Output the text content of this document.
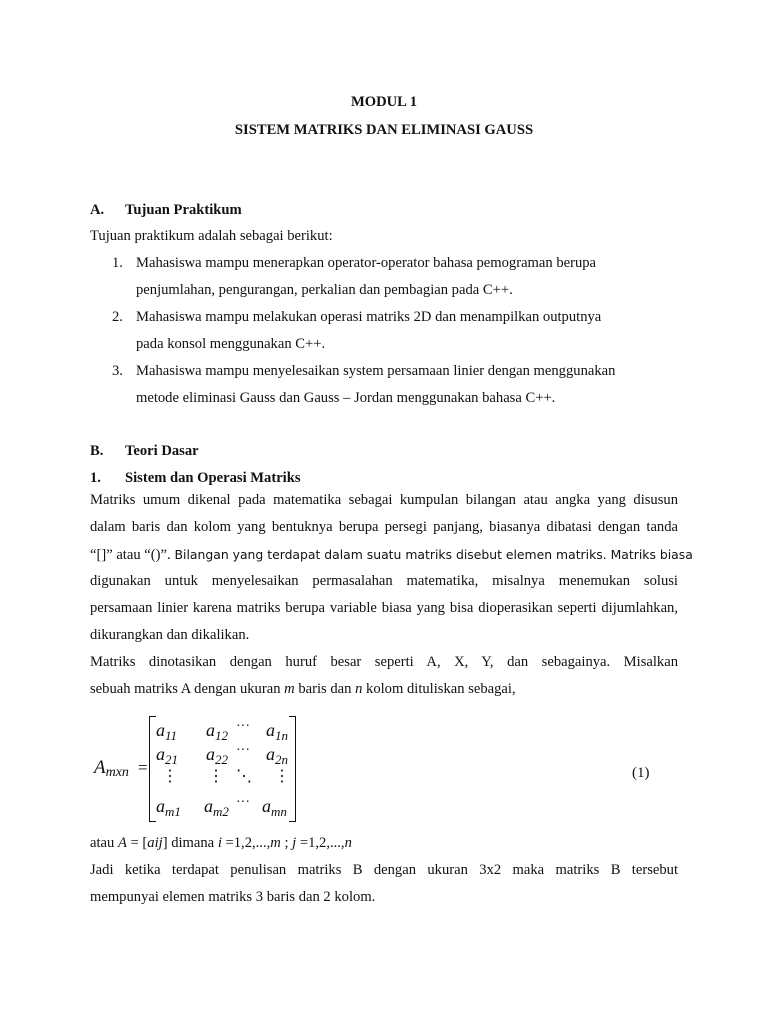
MODUL 1
SISTEM MATRIKS DAN ELIMINASI GAUSS
A. Tujuan Praktikum
Tujuan praktikum adalah sebagai berikut:
1. Mahasiswa mampu menerapkan operator-operator bahasa pemograman berupa
penjumlahan, pengurangan, perkalian dan pembagian pada C++.
2. Mahasiswa mampu melakukan operasi matriks 2D dan menampilkan outputnya
pada konsol menggunakan C++.
3. Mahasiswa mampu menyelesaikan system persamaan linier dengan menggunakan
metode eliminasi Gauss dan Gauss – Jordan menggunakan bahasa C++.
B. Teori Dasar
1. Sistem dan Operasi Matriks
Matriks umum dikenal pada matematika sebagai kumpulan bilangan atau angka yang disusun
dalam baris dan kolom yang bentuknya berupa persegi panjang, biasanya dibatasi dengan tanda
“[]” atau “()”. Bilangan yang terdapat dalam suatu matriks disebut elemen matriks. Matriks biasa
digunakan untuk menyelesaikan permasalahan matematika, misalnya menemukan solusi
persamaan linier karena matriks berupa variable biasa yang bisa dioperasikan seperti dijumlahkan,
dikurangkan dan dikalikan.
Matriks dinotasikan dengan huruf besar seperti A, X, Y, dan sebagainya. Misalkan
sebuah matriks A dengan ukuran m baris dan n kolom dituliskan sebagai,
$A_{mxn}$ =
$a_{11}$ $a_{12}$
··· $a_{1n}$
$a_{21}$ $a_{22}$
··· $a_{2n}$
⋮ ⋮ ⋱ ⋮
$a_{m1}$ $a_{m2}$
··· $a_{mn}$
(1)
atau A = [aij] dimana i =1,2,...,m ; j =1,2,...,n
Jadi ketika terdapat penulisan matriks B dengan ukuran 3x2 maka matriks B tersebut
mempunyai elemen matriks 3 baris dan 2 kolom.
